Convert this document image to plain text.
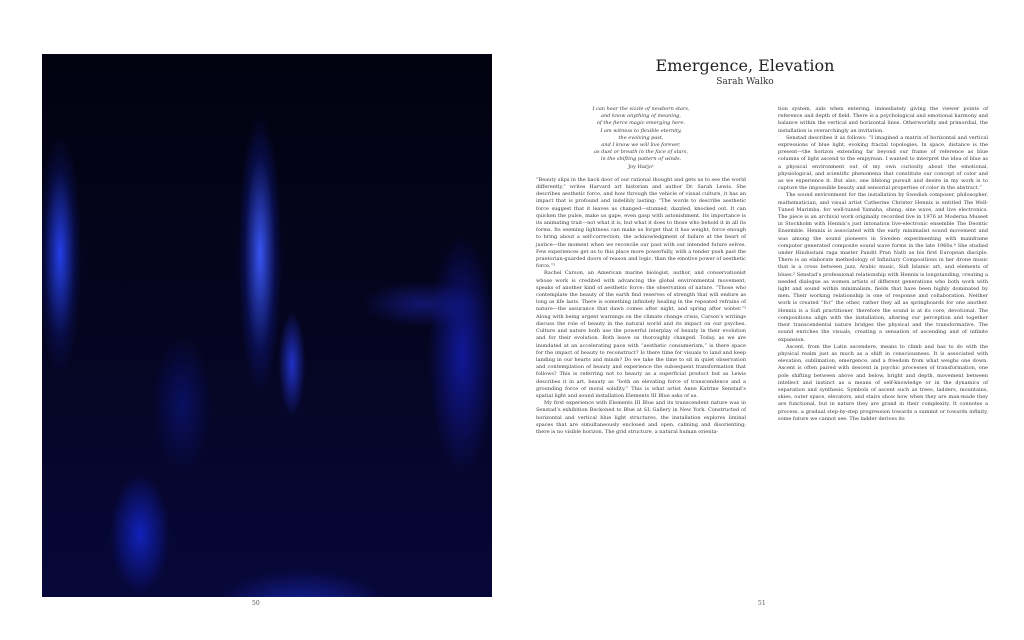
50
Emergence, Elevation
Sarah Walko
I can hear the sizzle of newborn stars,
and know anything of meaning,
of the fierce magic emerging here.
I am witness to flexible eternity,
the evolving past,
and I know we will live forever,
as dust or breath in the face of stars,
in the shifting pattern of winds.
Joy Harjo¹

“Beauty slips in the back door of our rational thought and gets us to see the world differently,” writes Harvard art historian and author Dr. Sarah Lewis. She describes aesthetic force, and how through the vehicle of visual culture, it has an impact that is profound and indelibly lasting: “The words to describe aesthetic force suggest that it leaves us changed—stunned, dazzled, knocked out. It can quicken the pulse, make us gape, even gasp with astonishment. Its importance is its animating trait—not what it is, but what it does to those who behold it in all its forms. Its seeming lightness can make us forget that it has weight, force enough to bring about a self-correction, the acknowledgment of failure at the heart of justice—the moment when we reconcile our past with our intended future selves. Few experiences get us to this place more powerfully, with a tender push past the praetorian-guarded doors of reason and logic, than the emotive power of aesthetic force.”²

Rachel Carson, an American marine biologist, author, and conservationist whose work is credited with advancing the global environmental movement, speaks of another kind of aesthetic force: the observation of nature. “Those who contemplate the beauty of the earth find reserves of strength that will endure as long as life lasts. There is something infinitely healing in the repeated refrains of nature—the assurance that dawn comes after night, and spring after winter.”³ Along with being urgent warnings on the climate change crisis, Carson’s writings discuss the role of beauty in the natural world and its impact on our psyches. Culture and nature both use the powerful interplay of beauty in their evolution and for their evolution. Both leave us thoroughly changed. Today, as we are inundated at an accelerating pace with “aesthetic consumerism,” is there space for the impact of beauty to reconstruct? Is there time for visuals to land and keep landing in our hearts and minds? Do we take the time to sit in quiet observation and contemplation of beauty and experience the subsequent transformation that follows? This is referring not to beauty as a superficial product but as Lewis describes it in art, beauty as “both an elevating force of transcendence and a grounding force of moral solidity.” This is what artist Anne Katrine Senstad’s spatial light and sound installation Elements III Blue asks of us.

My first experience with Elements III Blue and its transcendent nature was in Senstad’s exhibition Beckoned to Blue at SL Gallery in New York. Constructed of horizontal and vertical blue light structures, the installation explores liminal spaces that are simultaneously enclosed and open, calming and disorienting; there is no visible horizon. The grid structure, a natural human orienta-

tion system, aids when entering, immediately giving the viewer points of reference and depth of field. There is a psychological and emotional harmony and balance within the vertical and horizontal lines. Otherworldly and primordial, the installation is overarchingly an invitation.

Senstad describes it as follows: “I imagined a matrix of horizontal and vertical expressions of blue light, evoking fractal topologies. In space, distance is the present—the horizon extending far beyond our frame of reference as blue columns of light ascend to the empyrean. I wanted to interpret the idea of blue as a physical environment out of my own curiosity about the emotional, physiological, and scientific phenomena that constitute our concept of color and as we experience it. But also, one lifelong pursuit and desire in my work is to capture the impossible beauty and sensorial properties of color in the abstract.”

The sound environment for the installation by Swedish composer, philosopher, mathematician, and visual artist Catherine Christer Hennix is entitled The Well-Tuned Marimba, for well-tuned Yamaha, sheng, sine wave, and live electronics. The piece is an archival work originally recorded live in 1976 at Moderna Museet in Stockholm with Hennix’s just intonation live-electronic ensemble The Deontic Ensemble. Hennix is associated with the early minimalist sound movement and was among the sound pioneers in Sweden experimenting with mainframe computer generated composite sound wave forms in the late 1960s.⁴ She studied under Hindustani raga master Pandit Pran Nath as his first European disciple. There is an elaborate methodology of Infinitary Compositions in her drone music that is a cross between jazz, Arabic music, Sufi Islamic art, and elements of blues.⁵ Senstad’s professional relationship with Hennix is longstanding, creating a needed dialogue as women artists of different generations who both work with light and sound within minimalism, fields that have been highly dominated by men. Their working relationship is one of response and collaboration. Neither work is created “for” the other, rather they all as springboards for one another. Hennix is a Sufi practitioner, therefore the sound is at its core, devotional. The compositions align with the installation, altering our perception and together their transcendental nature bridges the physical and the transformative. The sound enriches the visuals, creating a sensation of ascending and of infinite expansion.

Ascent, from the Latin ascendere, means to climb and has to do with the physical realm just as much as a shift in consciousness. It is associated with elevation, sublimation, emergence, and a freedom from what weighs one down. Ascent is often paired with descent in psychic processes of transformation, one pole shifting between above and below, bright and depth, movement between intellect and instinct as a means of self-knowledge or in the dynamics of separation and synthesis. Symbols of ascent such as trees, ladders, mountains, skies, outer space, elevators, and stairs show how when they are man-made they are functional, but in nature they are grand in their complexity. It connotes a process, a gradual step-by-step progression towards a summit or towards infinity, some future we cannot see. The ladder derives its

51
